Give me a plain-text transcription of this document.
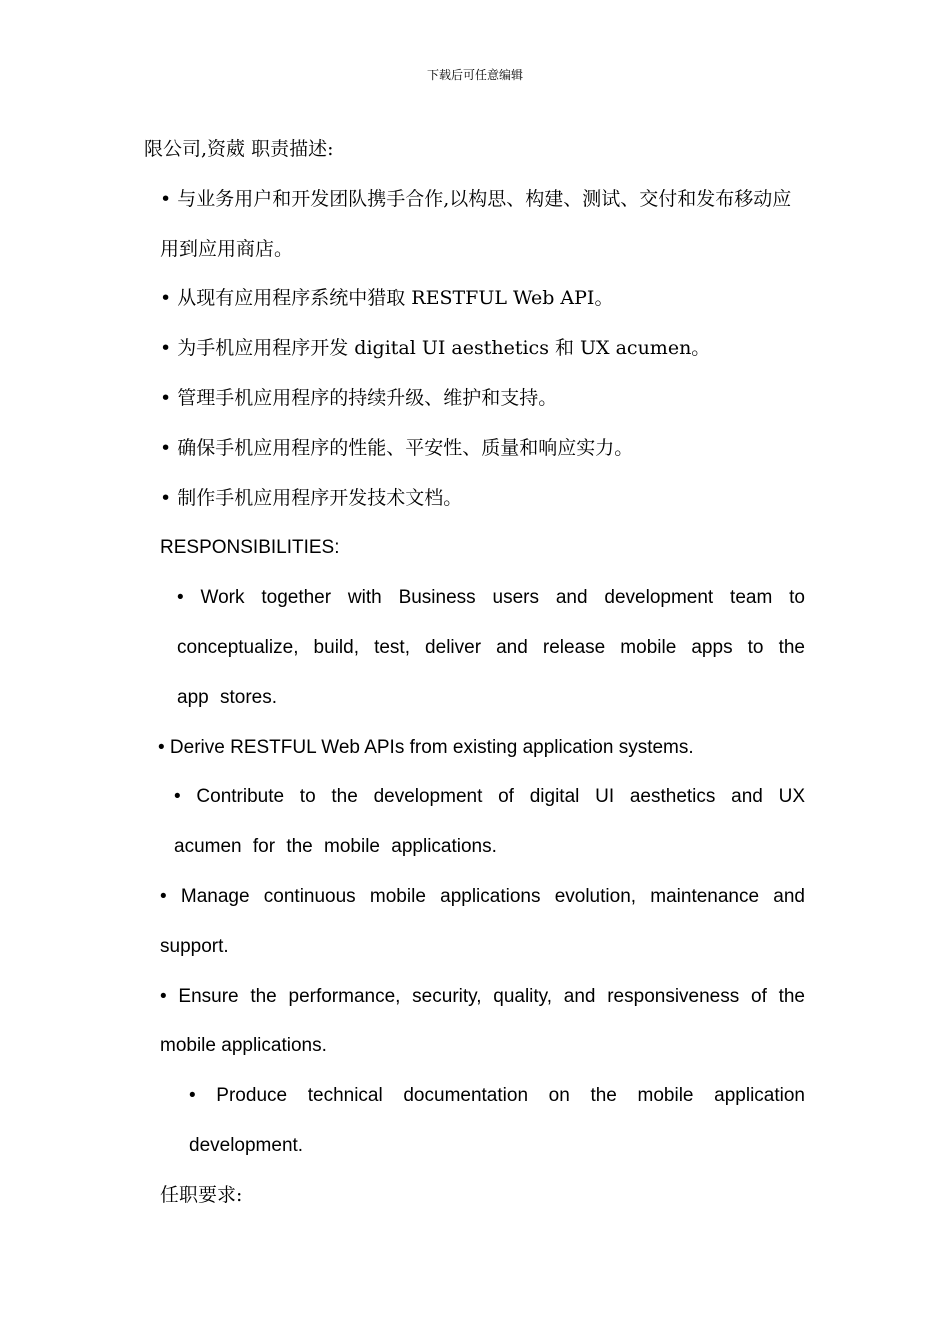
下载后可任意编辑

限公司,资葳 职责描述:

• 与业务用户和开发团队携手合作,以构思、构建、测试、交付和发布移动应用到应用商店。

• 从现有应用程序系统中猎取 RESTFUL Web API。

• 为手机应用程序开发 digital UI aesthetics 和 UX acumen。

• 管理手机应用程序的持续升级、维护和支持。

• 确保手机应用程序的性能、平安性、质量和响应实力。

• 制作手机应用程序开发技术文档。

RESPONSIBILITIES:

• Work together with Business users and development team to conceptualize, build, test, deliver and release mobile apps to the app stores.

• Derive RESTFUL Web APIs from existing application systems.

• Contribute to the development of digital UI aesthetics and UX acumen for the mobile applications.

• Manage continuous mobile applications evolution, maintenance and support.

• Ensure the performance, security, quality, and responsiveness of the mobile applications.

• Produce technical documentation on the mobile application development.

任职要求:
